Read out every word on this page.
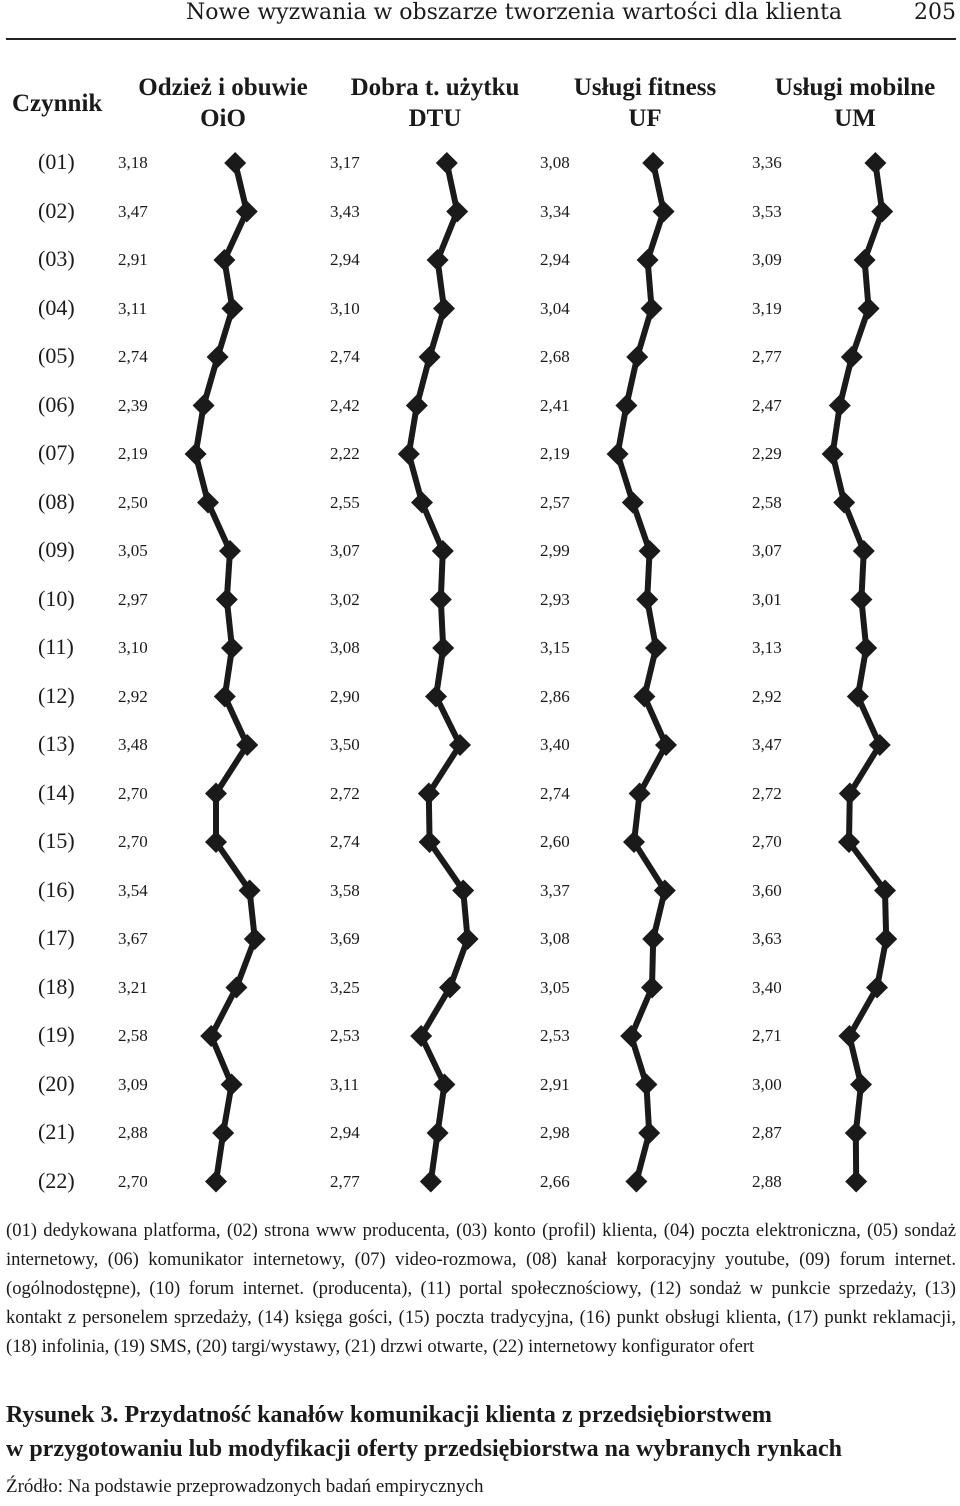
Nowe wyzwania w obszarze tworzenia wartości dla klienta	205
Czynnik
Odzież i obuwie
OiO
Dobra t. użytku
DTU
Usługi fitness
UF
Usługi mobilne
UM
(01)
(02)
(03)
(04)
(05)
(06)
(07)
(08)
(09)
(10)
(11)
(12)
(13)
(14)
(15)
(16)
(17)
(18)
(19)
(20)
(21)
(22)
3,18
3,47
2,91
3,11
2,74
2,39
2,19
2,50
3,05
2,97
3,10
2,92
3,48
2,70
2,70
3,54
3,67
3,21
2,58
3,09
2,88
2,70
3,17
3,43
2,94
3,10
2,74
2,42
2,22
2,55
3,07
3,02
3,08
2,90
3,50
2,72
2,74
3,58
3,69
3,25
2,53
3,11
2,94
2,77
3,08
3,34
2,94
3,04
2,68
2,41
2,19
2,57
2,99
2,93
3,15
2,86
3,40
2,74
2,60
3,37
3,08
3,05
2,53
2,91
2,98
2,66
3,36
3,53
3,09
3,19
2,77
2,47
2,29
2,58
3,07
3,01
3,13
2,92
3,47
2,72
2,70
3,60
3,63
3,40
2,71
3,00
2,87
2,88
(01) dedykowana platforma, (02) strona www producenta, (03) konto (profil) klienta, (04) poczta elektroniczna, (05) sondaż internetowy, (06) komunikator internetowy, (07) video-rozmowa, (08) kanał korporacyjny youtube, (09) forum internet. (ogólnodostępne), (10) forum internet. (producenta), (11) portal społecznościowy, (12) sondaż w punkcie sprzedaży, (13) kontakt z personelem sprzedaży, (14) księga gości, (15) poczta tradycyjna, (16) punkt obsługi klienta, (17) punkt reklamacji, (18) infolinia, (19) SMS, (20) targi/wystawy, (21) drzwi otwarte, (22) internetowy konfigurator ofert
Rysunek 3. Przydatność kanałów komunikacji klienta z przedsiębiorstwem
w przygotowaniu lub modyfikacji oferty przedsiębiorstwa na wybranych rynkach
Źródło: Na podstawie przeprowadzonych badań empirycznych
